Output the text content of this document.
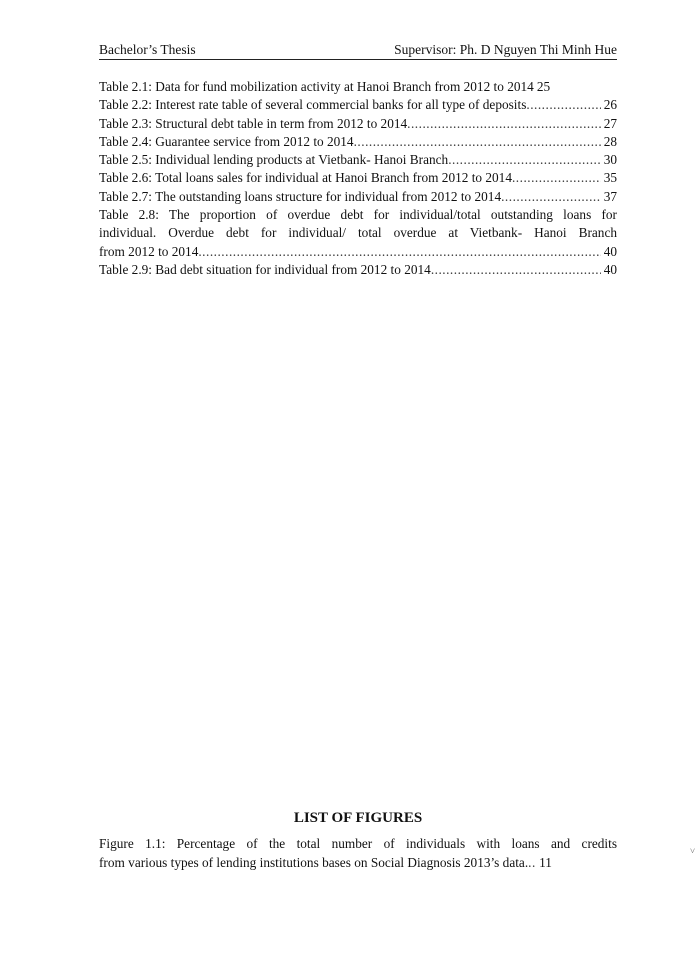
Bachelor’s Thesis	Supervisor: Ph. D Nguyen Thi Minh Hue
Table 2.1: Data for fund mobilization activity at Hanoi Branch from 2012 to 2014 25
Table 2.2: Interest rate table of several commercial banks for all type of deposits .....	26
Table 2.3: Structural debt table in term from 2012 to 2014 .....	27
Table 2.4: Guarantee service from 2012 to 2014 .....	28
Table 2.5: Individual lending products at Vietbank- Hanoi Branch .....	30
Table 2.6: Total loans sales for individual at Hanoi Branch from 2012 to 2014 .....	35
Table 2.7: The outstanding loans structure for individual from 2012 to 2014 .....	37
Table 2.8: The proportion of overdue debt for individual/total outstanding loans for
individual. Overdue debt for individual/ total overdue at Vietbank- Hanoi Branch
from 2012 to 2014 .....	40
Table 2.9: Bad debt situation for individual from 2012 to 2014 .....	40
LIST OF FIGURES
Figure 1.1: Percentage of the total number of individuals with loans and credits
from various types of lending institutions bases on Social Diagnosis 2013’s data. ..... 11
˅
